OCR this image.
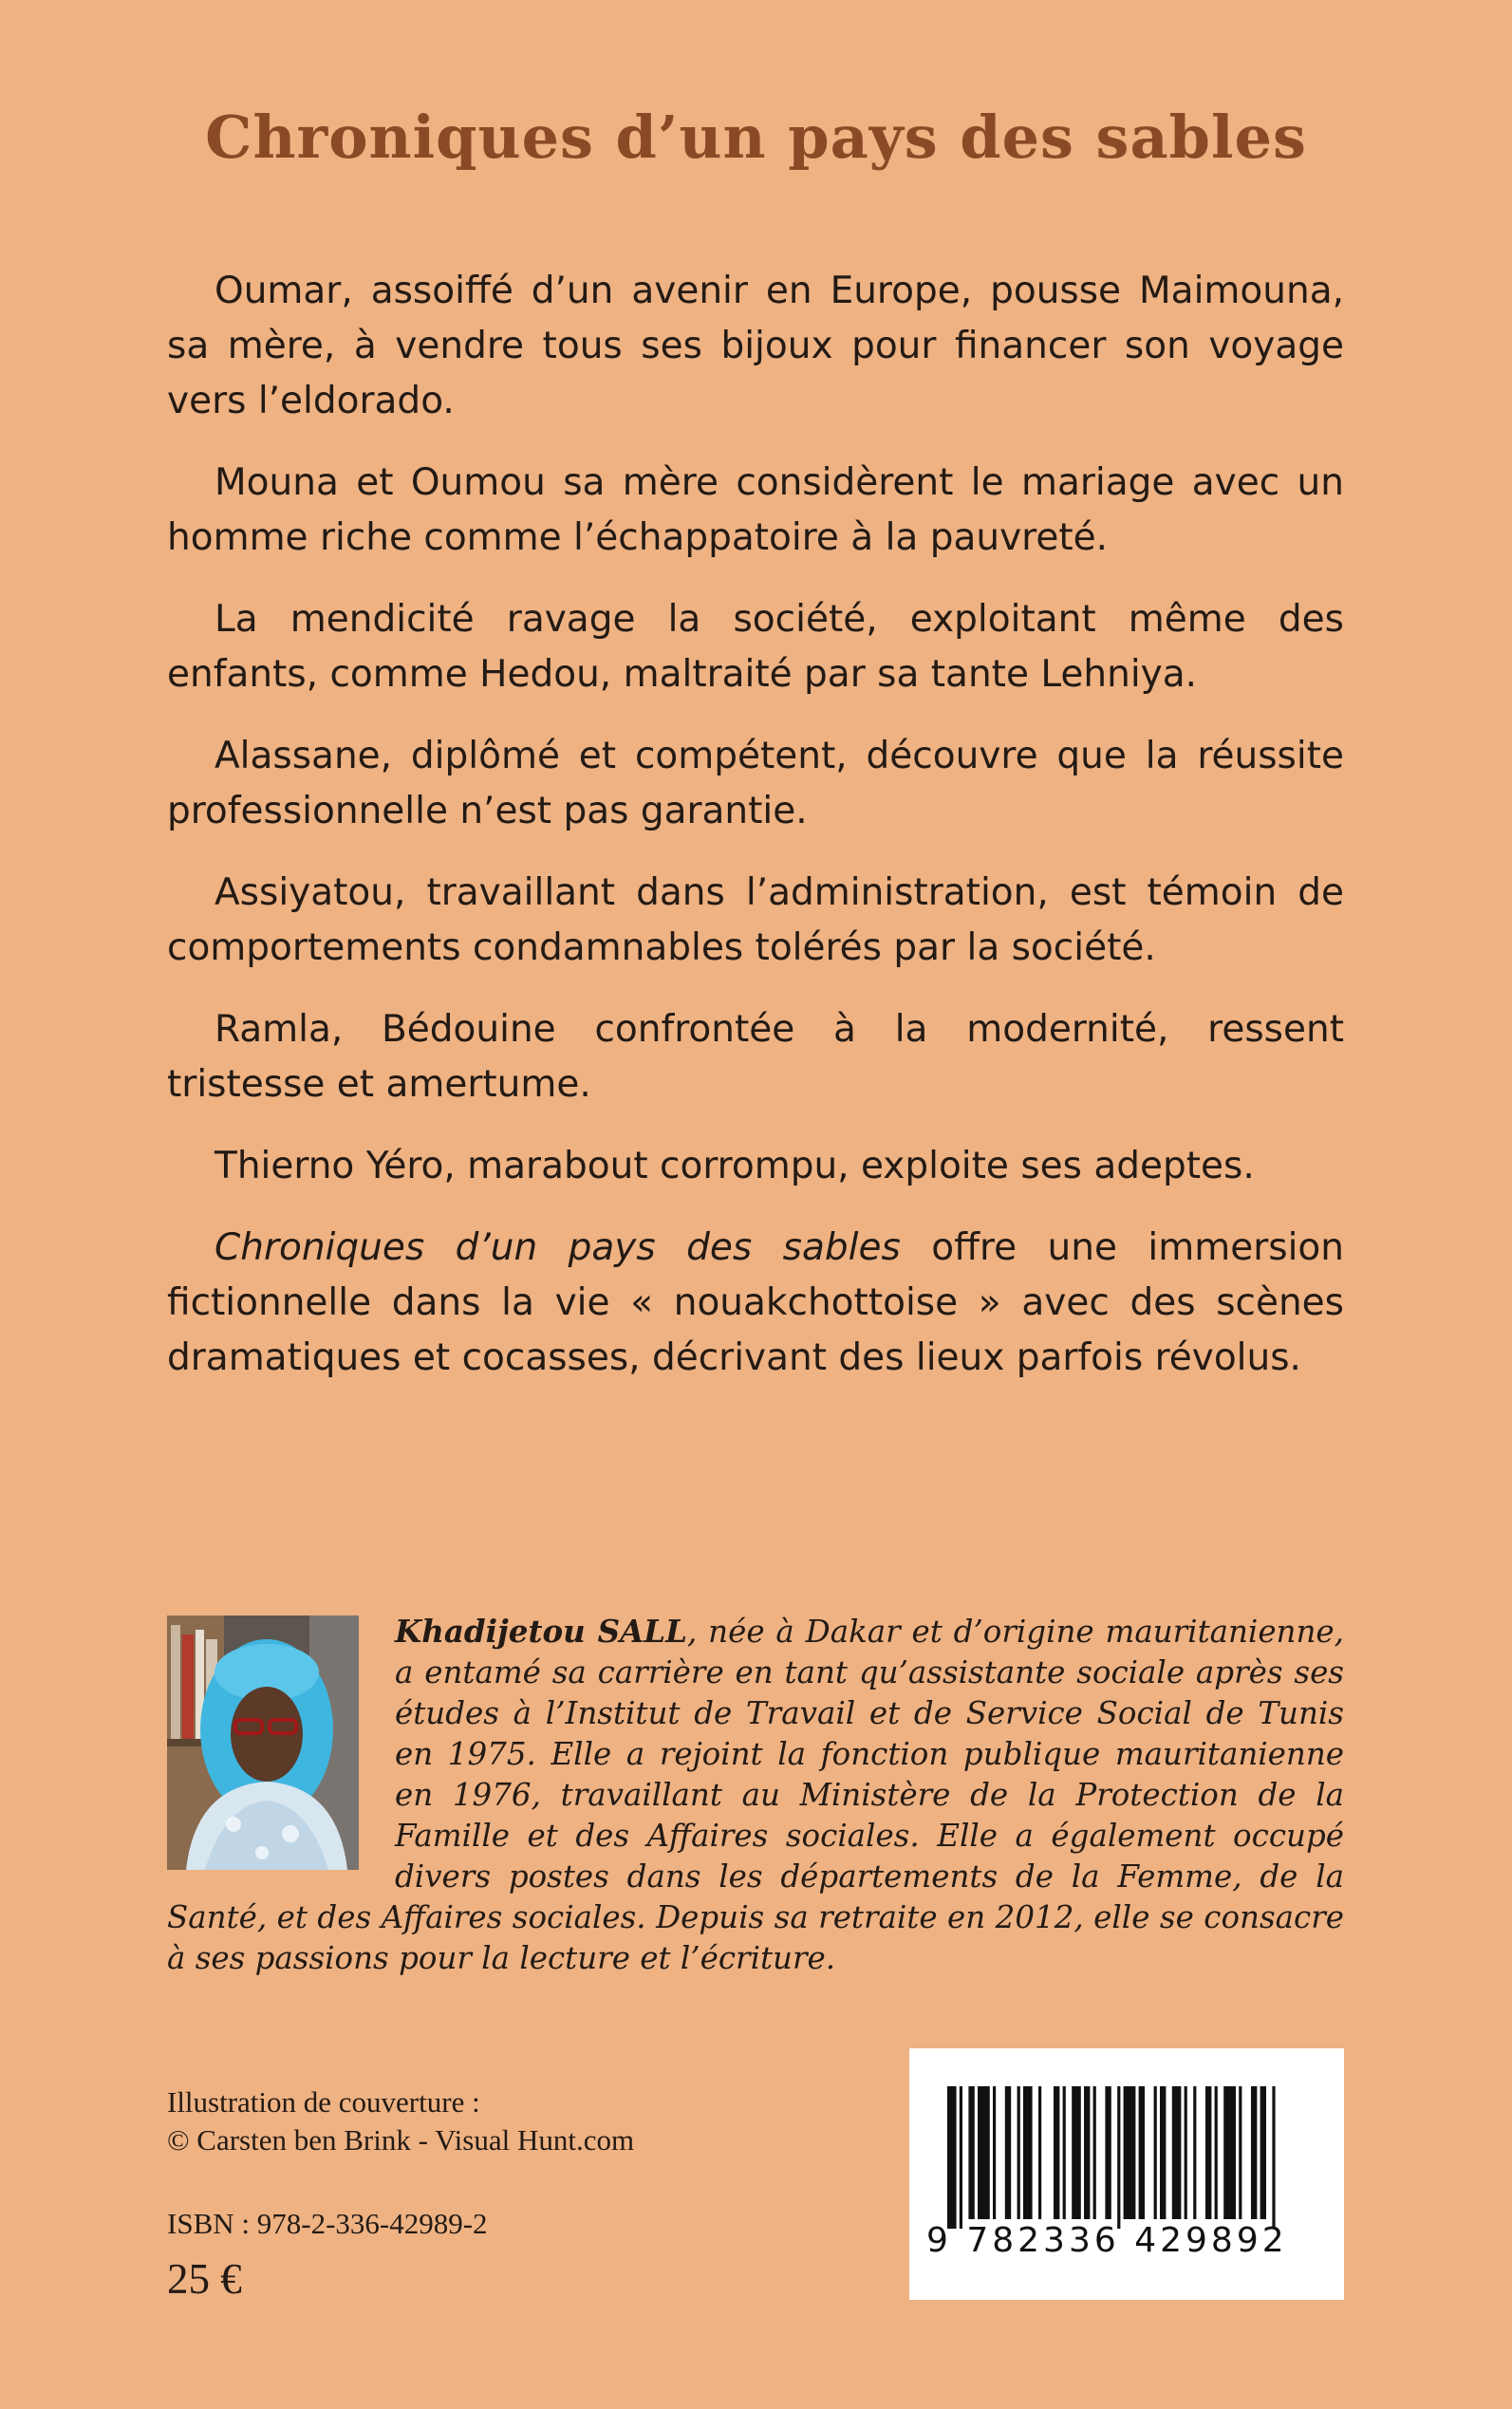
Chroniques d’un pays des sables

Oumar, assoiffé d’un avenir en Europe, pousse Maimouna, sa mère, à vendre tous ses bijoux pour financer son voyage vers l’eldorado.

Mouna et Oumou sa mère considèrent le mariage avec un homme riche comme l’échappatoire à la pauvreté.

La mendicité ravage la société, exploitant même des enfants, comme Hedou, maltraité par sa tante Lehniya.

Alassane, diplômé et compétent, découvre que la réussite professionnelle n’est pas garantie.

Assiyatou, travaillant dans l’administration, est témoin de comportements condamnables tolérés par la société.

Ramla, Bédouine confrontée à la modernité, ressent tristesse et amertume.

Thierno Yéro, marabout corrompu, exploite ses adeptes.

Chroniques d’un pays des sables offre une immersion fictionnelle dans la vie « nouakchottoise » avec des scènes dramatiques et cocasses, décrivant des lieux parfois révolus.

Khadijetou SALL, née à Dakar et d’origine mauritanienne, a entamé sa carrière en tant qu’assistante sociale après ses études à l’Institut de Travail et de Service Social de Tunis en 1975. Elle a rejoint la fonction publique mauritanienne en 1976, travaillant au Ministère de la Protection de la Famille et des Affaires sociales. Elle a également occupé divers postes dans les départements de la Femme, de la Santé, et des Affaires sociales. Depuis sa retraite en 2012, elle se consacre à ses passions pour la lecture et l’écriture.
Illustration de couverture :
© Carsten ben Brink - Visual Hunt.com
ISBN : 978-2-336-42989-2
25 €
9 782336 429892
